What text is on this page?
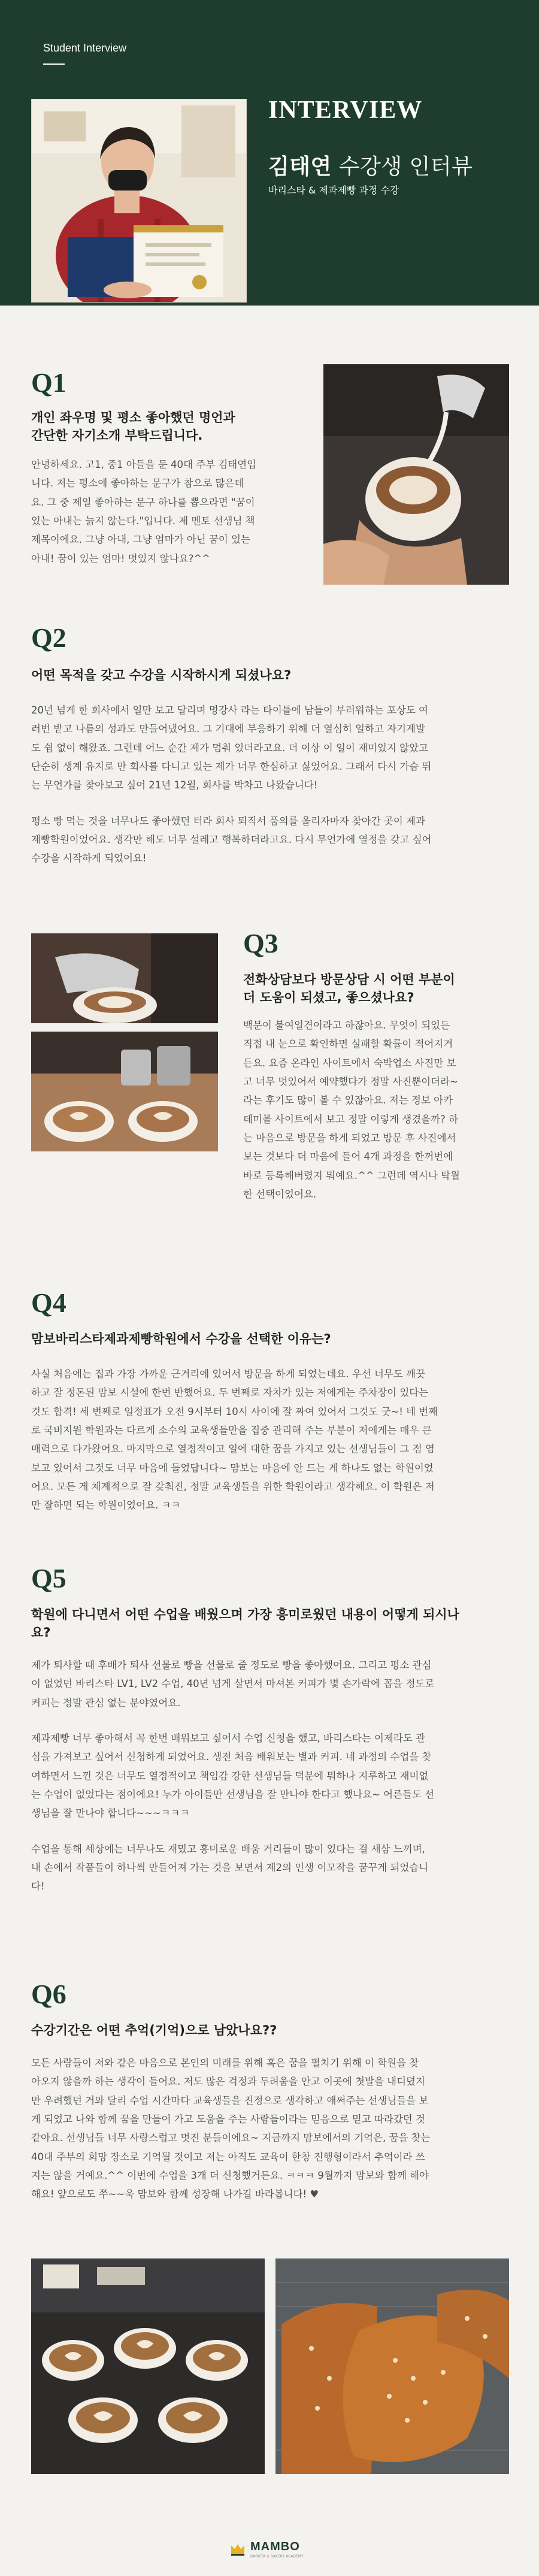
Student Interview
INTERVIEW
김태연 수강생 인터뷰
바리스타 & 제과제빵 과정 수강
Q1
개인 좌우명 및 평소 좋아했던 명언과
간단한 자기소개 부탁드립니다.
안녕하세요. 고1, 중1 아들을 둔 40대 주부 김태연입
니다. 저는 평소에 좋아하는 문구가 참으로 많은데
요. 그 중 제일 좋아하는 문구 하나를 뽑으라면 "꿈이
있는 아내는 늙지 않는다."입니다. 제 멘토 선생님 책
제목이에요. 그냥 아내, 그냥 엄마가 아닌 꿈이 있는
아내! 꿈이 있는 엄마! 멋있지 않나요?^^
Q2
어떤 목적을 갖고 수강을 시작하시게 되셨나요?

20년 넘게 한 회사에서 일만 보고 달리며 명강사 라는 타이틀에 남들이 부러워하는 포상도 여
러번 받고 나름의 성과도 만들어냈어요. 그 기대에 부응하기 위해 더 열심히 일하고 자기계발
도 쉼 없이 해왔죠. 그런데 어느 순간 제가 멈춰 있더라고요. 더 이상 이 일이 재미있지 않았고
단순히 생계 유지로 만 회사를 다니고 있는 제가 너무 한심하고 싫었어요. 그래서 다시 가슴 뛰
는 무언가를 찾아보고 싶어 21년 12월, 회사를 박차고 나왔습니다!

평소 빵 먹는 것을 너무나도 좋아했던 터라 회사 퇴직서 품의를 올리자마자 찾아간 곳이 제과
제빵학원이었어요. 생각만 해도 너무 설레고 행복하더라고요. 다시 무언가에 열정을 갖고 싶어
수강을 시작하게 되었어요!

Q3
전화상담보다 방문상담 시 어떤 부분이
더 도움이 되셨고, 좋으셨나요?
백문이 불여일견이라고 하잖아요. 무엇이 되었든
직접 내 눈으로 확인하면 실패할 확률이 적어지거
든요. 요즘 온라인 사이트에서 숙박업소 사진만 보
고 너무 멋있어서 예약했다가 정말 사진뿐이더라~
라는 후기도 많이 볼 수 있잖아요. 저는 정보 아카
데미몰 사이트에서 보고 정말 이렇게 생겼을까? 하
는 마음으로 방문을 하게 되었고 방문 후 사진에서
보는 것보다 더 마음에 들어 4개 과정을 한꺼번에
바로 등록해버렸지 뭐예요.^^ 그런데 역시나 탁월
한 선택이었어요.
Q4
맘보바리스타제과제빵학원에서 수강을 선택한 이유는?
사실 처음에는 집과 가장 가까운 근거리에 있어서 방문을 하게 되었는데요. 우선 너무도 깨끗
하고 잘 정돈된 맘보 시설에 한번 반했어요. 두 번째로 자차가 있는 저에게는 주차장이 있다는
것도 합격! 세 번째로 일정표가 오전 9시부터 10시 사이에 잘 짜여 있어서 그것도 굿~! 네 번째
로 국비지원 학원과는 다르게 소수의 교육생들만을 집중 관리해 주는 부분이 저에게는 매우 큰
매력으로 다가왔어요. 마지막으로 열정적이고 일에 대한 꿈을 가지고 있는 선생님들이 그 점 염
보고 있어서 그것도 너무 마음에 들었답니다~ 맘보는 마음에 안 드는 게 하나도 없는 학원이었
어요. 모든 게 체계적으로 잘 갖춰진, 정말 교육생들을 위한 학원이라고 생각해요. 이 학원은 저
만 잘하면 되는 학원이었어요. ㅋㅋ
Q5
학원에 다니면서 어떤 수업을 배웠으며 가장 흥미로웠던 내용이 어떻게 되시나
요?

제가 퇴사할 때 후배가 퇴사 선물로 빵을 선물로 줄 정도로 빵을 좋아했어요. 그리고 평소 관심
이 없었던 바리스타 LV1, LV2 수업, 40년 넘게 살면서 마셔본 커피가 몇 손가락에 꼽을 정도로
커피는 정말 관심 없는 분야였어요.

제과제빵 너무 좋아해서 꼭 한번 배워보고 싶어서 수업 신청을 했고, 바리스타는 이제라도 관
심을 가져보고 싶어서 신청하게 되었어요. 생전 처음 배워보는 별과 커피. 네 과정의 수업을 찾
여하면서 느낀 것은 너무도 열정적이고 책임감 강한 선생님들 덕분에 뭐하나 지루하고 재미없
는 수업이 없었다는 점이에요! 누가 아이들만 선생님을 잘 만나야 한다고 했나요~ 어른들도 선
생님을 잘 만나야 합니다~~~ㅋㅋㅋ

수업을 통해 세상에는 너무나도 재밌고 흥미로운 배움 거리들이 많이 있다는 걸 새삼 느끼며,
내 손에서 작품들이 하나씩 만들어져 가는 것을 보면서 제2의 인생 이모작을 꿈꾸게 되었습니
다!

Q6
수강기간은 어떤 추억(기억)으로 남았나요??
모든 사람들이 저와 같은 마음으로 본인의 미래를 위해 혹은 꿈을 펼치기 위해 이 학원을 찾
아오지 않을까 하는 생각이 들어요. 저도 많은 걱정과 두려움을 안고 이곳에 첫발을 내디뎠지
만 우려했던 거와 달리 수업 시간마다 교육생들을 진정으로 생각하고 애써주는 선생님들을 보
게 되었고 나와 함께 꿈을 만들어 가고 도움을 주는 사람들이라는 믿음으로 믿고 따라갔던 것
같아요. 선생님들 너무 사랑스럽고 멋진 분들이에요~ 지금까지 맘보에서의 기억은, 꿈을 찾는
40대 주부의 희망 장소로 기억될 것이고 저는 아직도 교육이 한창 진행형이라서 추억이라 쓰
지는 않을 거예요.^^ 이번에 수업을 3개 더 신청했거든요. ㅋㅋㅋ 9월까지 맘보와 함께 해야
해요! 앞으로도 쭈~~욱 맘보와 함께 성장해 나가길 바라봅니다! ♥
MAMBO
BARISTA & BAKERY ACADEMY
